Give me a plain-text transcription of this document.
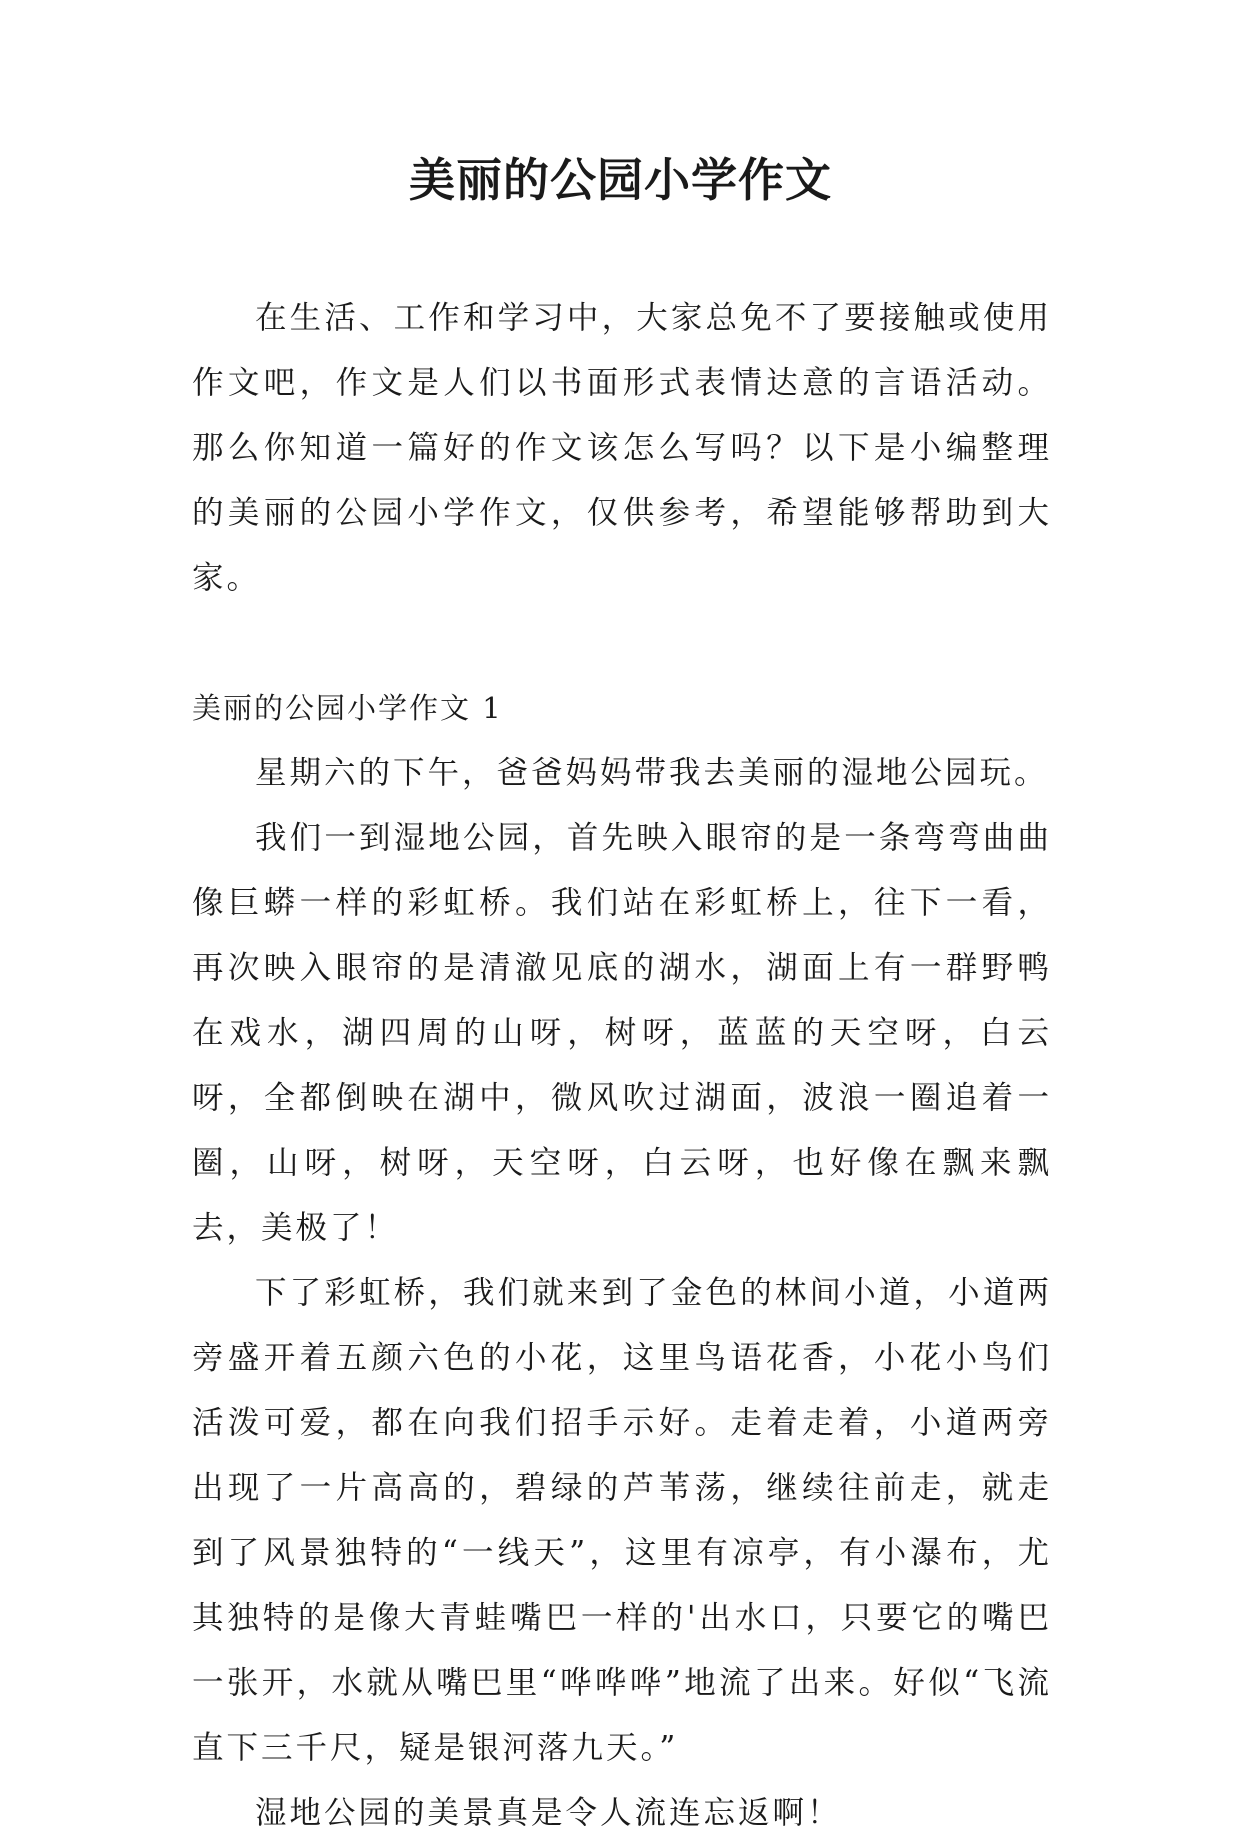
美丽的公园小学作文

在生活、工作和学习中，大家总免不了要接触或使用作文吧，作文是人们以书面形式表情达意的言语活动。那么你知道一篇好的作文该怎么写吗？以下是小编整理的美丽的公园小学作文，仅供参考，希望能够帮助到大家。

美丽的公园小学作文 1

星期六的下午，爸爸妈妈带我去美丽的湿地公园玩。

我们一到湿地公园，首先映入眼帘的是一条弯弯曲曲像巨蟒一样的彩虹桥。我们站在彩虹桥上，往下一看，再次映入眼帘的是清澈见底的湖水，湖面上有一群野鸭在戏水，湖四周的山呀，树呀，蓝蓝的天空呀，白云呀，全都倒映在湖中，微风吹过湖面，波浪一圈追着一圈，山呀，树呀，天空呀，白云呀，也好像在飘来飘去，美极了！

下了彩虹桥，我们就来到了金色的林间小道，小道两旁盛开着五颜六色的小花，这里鸟语花香，小花小鸟们活泼可爱，都在向我们招手示好。走着走着，小道两旁出现了一片高高的，碧绿的芦苇荡，继续往前走，就走到了风景独特的“一线天”，这里有凉亭，有小瀑布，尤其独特的是像大青蛙嘴巴一样的'出水口，只要它的嘴巴一张开，水就从嘴巴里“哗哗哗”地流了出来。好似“飞流直下三千尺，疑是银河落九天。”

湿地公园的美景真是令人流连忘返啊！
